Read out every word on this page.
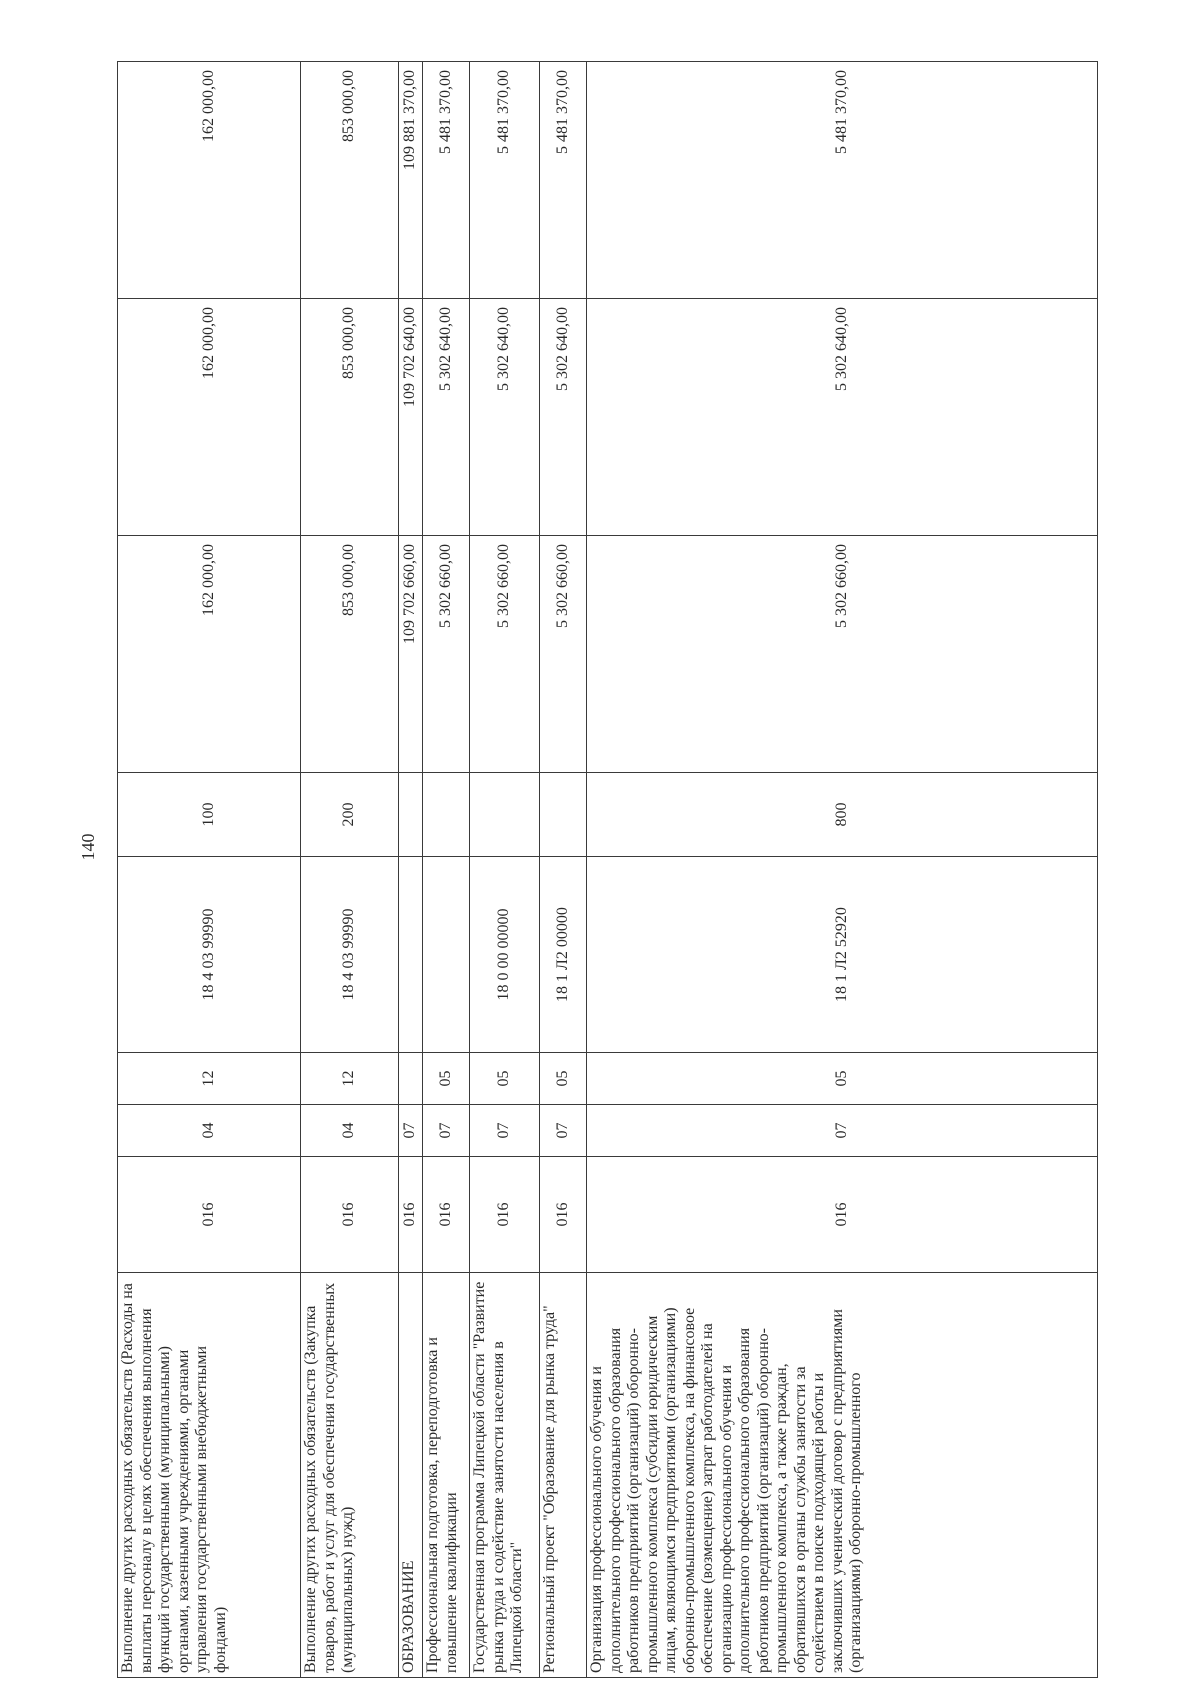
140
Выполнение других расходных обязательств (Расходы на выплаты персоналу в целях обеспечения выполнения функций государственными (муниципальными) органами, казенными учреждениями, органами управления государственными внебюджетными фондами)	016	04	12	18 4 03 99990	100	162 000,00	162 000,00	162 000,00
Выполнение других расходных обязательств (Закупка товаров, работ и услуг для обеспечения государственных (муниципальных) нужд)	016	04	12	18 4 03 99990	200	853 000,00	853 000,00	853 000,00
ОБРАЗОВАНИЕ	016	07				109 702 660,00	109 702 640,00	109 881 370,00
Профессиональная подготовка, переподготовка и повышение квалификации	016	07	05			5 302 660,00	5 302 640,00	5 481 370,00
Государственная программа Липецкой области "Развитие рынка труда и содействие занятости населения в Липецкой области"	016	07	05	18 0 00 00000		5 302 660,00	5 302 640,00	5 481 370,00
Региональный проект "Образование для рынка труда"	016	07	05	18 1 Л2 00000		5 302 660,00	5 302 640,00	5 481 370,00
Организация профессионального обучения и дополнительного профессионального образования работников предприятий (организаций) оборонно-промышленного комплекса (субсидии юридическим лицам, являющимся предприятиями (организациями) оборонно-промышленного комплекса, на финансовое обеспечение (возмещение) затрат работодателей на организацию профессионального обучения и дополнительного профессионального образования работников предприятий (организаций) оборонно-промышленного комплекса, а также граждан, обратившихся в органы службы занятости за содействием в поиске подходящей работы и заключивших ученический договор с предприятиями (организациями) оборонно-промышленного	016	07	05	18 1 Л2 52920	800	5 302 660,00	5 302 640,00	5 481 370,00
